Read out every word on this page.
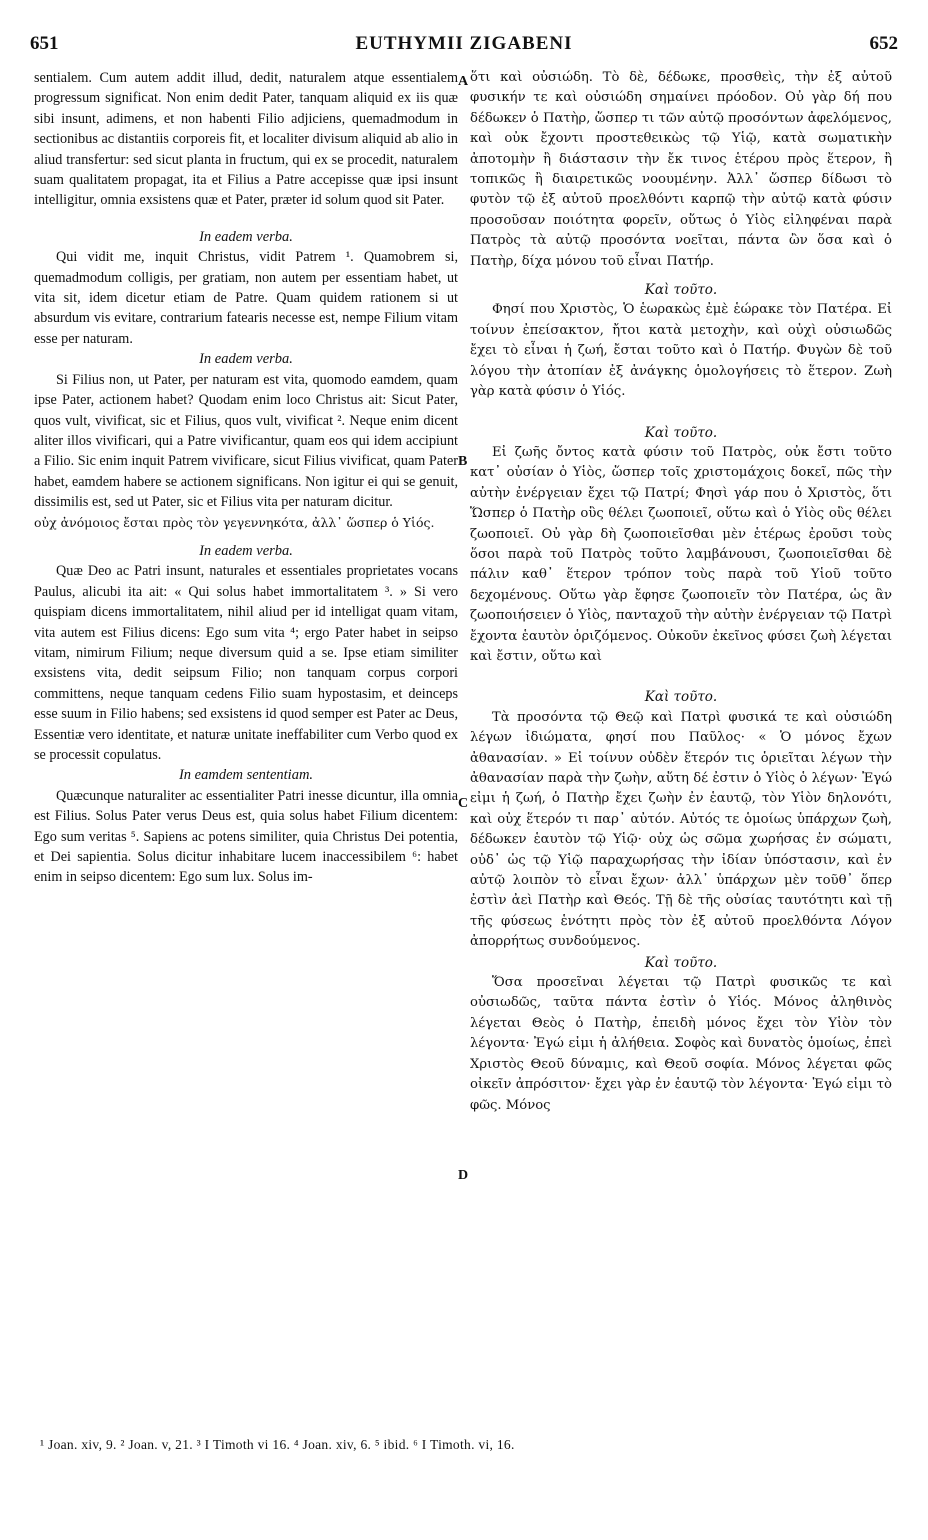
651	EUTHYMII ZIGABENI	652

sentialem. Cum autem addit illud, dedit, naturalem atque essentialem progressum significat. Non enim dedit Pater, tanquam aliquid ex iis quæ sibi insunt, adimens, et non habenti Filio adjiciens, quemadmodum in sectionibus ac distantiis corporeis fit, et localiter divisum aliquid ab alio in aliud transfertur: sed sicut planta in fructum, qui ex se procedit, naturalem suam qualitatem propagat, ita et Filius a Patre accepisse quæ ipsi insunt intelligitur, omnia exsistens quæ et Pater, præter id solum quod sit Pater.

In eadem verba.

Qui vidit me, inquit Christus, vidit Patrem ¹. Quamobrem si, quemadmodum colligis, per gratiam, non autem per essentiam habet, ut vita sit, idem dicetur etiam de Patre. Quam quidem rationem si ut absurdum vis evitare, contrarium fatearis necesse est, nempe Filium vitam esse per naturam.

In eadem verba.

Si Filius non, ut Pater, per naturam est vita, quomodo eamdem, quam ipse Pater, actionem habet? Quodam enim loco Christus ait: Sicut Pater, quos vult, vivificat, sic et Filius, quos vult, vivificat ². Neque enim dicent aliter illos vivificari, qui a Patre vivificantur, quam eos qui idem accipiunt a Filio. Sic enim inquit Patrem vivificare, sicut Filius vivificat, quam Pater habet, eamdem habere se actionem significans. Non igitur ei qui se genuit, dissimilis est, sed ut Pater, sic et Filius vita per naturam dicitur.

οὐχ ἀνόμοιος ἔσται πρὸς τὸν γεγεννηκότα, ἀλλ᾽ ὥσπερ ὁ Υἱός.

In eadem verba.

Quæ Deo ac Patri insunt, naturales et essentiales proprietates vocans Paulus, alicubi ita ait: « Qui solus habet immortalitatem ³. » Si vero quispiam dicens immortalitatem, nihil aliud per id intelligat quam vitam, vita autem est Filius dicens: Ego sum vita ⁴; ergo Pater habet in seipso vitam, nimirum Filium; neque diversum quid a se. Ipse etiam similiter exsistens vita, dedit seipsum Filio; non tanquam corpus corpori committens, neque tanquam cedens Filio suam hypostasim, et deinceps esse suum in Filio habens; sed exsistens id quod semper est Pater ac Deus, Essentiæ vero identitate, et naturæ unitate ineffabiliter cum Verbo quod ex se processit copulatus.

In eamdem sententiam.

Quæcunque naturaliter ac essentialiter Patri inesse dicuntur, illa omnia est Filius. Solus Pater verus Deus est, quia solus habet Filium dicentem: Ego sum veritas ⁵. Sapiens ac potens similiter, quia Christus Dei potentia, et Dei sapientia. Solus dicitur inhabitare lucem inaccessibilem ⁶: habet enim in seipso dicentem: Ego sum lux. Solus im-

A
B
C
D

ὅτι καὶ οὐσιώδη. Τὸ δὲ, δέδωκε, προσθεὶς, τὴν ἐξ αὐτοῦ φυσικήν τε καὶ οὐσιώδη σημαίνει πρόοδον. Οὐ γὰρ δή που δέδωκεν ὁ Πατὴρ, ὥσπερ τι τῶν αὐτῷ προσόντων ἀφελόμενος, καὶ οὐκ ἔχοντι προστεθεικὼς τῷ Υἱῷ, κατὰ σωματικὴν ἀποτομὴν ἢ διάστασιν τὴν ἔκ τινος ἑτέρου πρὸς ἕτερον, ἢ τοπικῶς ἢ διαιρετικῶς νοουμένην. Ἀλλ᾽ ὥσπερ δίδωσι τὸ φυτὸν τῷ ἐξ αὐτοῦ προελθόντι καρπῷ τὴν αὐτῷ κατὰ φύσιν προσοῦσαν ποιότητα φορεῖν, οὕτως ὁ Υἱὸς εἰληφέναι παρὰ Πατρὸς τὰ αὐτῷ προσόντα νοεῖται, πάντα ὢν ὅσα καὶ ὁ Πατὴρ, δίχα μόνου τοῦ εἶναι Πατήρ.

Καὶ τοῦτο.

Φησί που Χριστὸς, Ὁ ἑωρακὼς ἐμὲ ἑώρακε τὸν Πατέρα. Εἰ τοίνυν ἐπείσακτον, ἤτοι κατὰ μετοχὴν, καὶ οὐχὶ οὐσιωδῶς ἔχει τὸ εἶναι ἡ ζωή, ἔσται τοῦτο καὶ ὁ Πατήρ. Φυγὼν δὲ τοῦ λόγου τὴν ἀτοπίαν ἐξ ἀνάγκης ὁμολογήσεις τὸ ἕτερον. Ζωὴ γὰρ κατὰ φύσιν ὁ Υἱός.

Καὶ τοῦτο.

Εἰ ζωῆς ὄντος κατὰ φύσιν τοῦ Πατρὸς, οὐκ ἔστι τοῦτο κατ᾽ οὐσίαν ὁ Υἱὸς, ὥσπερ τοῖς χριστομάχοις δοκεῖ, πῶς τὴν αὐτὴν ἐνέργειαν ἔχει τῷ Πατρί; Φησὶ γάρ που ὁ Χριστὸς, ὅτι Ὥσπερ ὁ Πατὴρ οὓς θέλει ζωοποιεῖ, οὕτω καὶ ὁ Υἱὸς οὓς θέλει ζωοποιεῖ. Οὐ γὰρ δὴ ζωοποιεῖσθαι μὲν ἑτέρως ἐροῦσι τοὺς ὅσοι παρὰ τοῦ Πατρὸς τοῦτο λαμβάνουσι, ζωοποιεῖσθαι δὲ πάλιν καθ᾽ ἕτερον τρόπον τοὺς παρὰ τοῦ Υἱοῦ τοῦτο δεχομένους. Οὕτω γὰρ ἔφησε ζωοποιεῖν τὸν Πατέρα, ὡς ἂν ζωοποιήσειεν ὁ Υἱὸς, πανταχοῦ τὴν αὐτὴν ἐνέργειαν τῷ Πατρὶ ἔχοντα ἑαυτὸν ὁριζόμενος. Οὐκοῦν ἐκεῖνος φύσει ζωὴ λέγεται καὶ ἔστιν, οὕτω καὶ

Καὶ τοῦτο.

Τὰ προσόντα τῷ Θεῷ καὶ Πατρὶ φυσικά τε καὶ οὐσιώδη λέγων ἰδιώματα, φησί που Παῦλος· « Ὁ μόνος ἔχων ἀθανασίαν. » Εἰ τοίνυν οὐδὲν ἕτερόν τις ὁριεῖται λέγων τὴν ἀθανασίαν παρὰ τὴν ζωὴν, αὕτη δέ ἐστιν ὁ Υἱὸς ὁ λέγων· Ἐγώ εἰμι ἡ ζωή, ὁ Πατὴρ ἔχει ζωὴν ἐν ἑαυτῷ, τὸν Υἱὸν δηλονότι, καὶ οὐχ ἕτερόν τι παρ᾽ αὐτόν. Αὐτός τε ὁμοίως ὑπάρχων ζωὴ, δέδωκεν ἑαυτὸν τῷ Υἱῷ· οὐχ ὡς σῶμα χωρήσας ἐν σώματι, οὐδ᾽ ὡς τῷ Υἱῷ παραχωρήσας τὴν ἰδίαν ὑπόστασιν, καὶ ἐν αὐτῷ λοιπὸν τὸ εἶναι ἔχων· ἀλλ᾽ ὑπάρχων μὲν τοῦθ᾽ ὅπερ ἐστὶν ἀεὶ Πατὴρ καὶ Θεός. Τῇ δὲ τῆς οὐσίας ταυτότητι καὶ τῇ τῆς φύσεως ἑνότητι πρὸς τὸν ἐξ αὐτοῦ προελθόντα Λόγον ἀπορρήτως συνδούμενος.

Καὶ τοῦτο.

Ὅσα προσεῖναι λέγεται τῷ Πατρὶ φυσικῶς τε καὶ οὐσιωδῶς, ταῦτα πάντα ἐστὶν ὁ Υἱός. Μόνος ἀληθινὸς λέγεται Θεὸς ὁ Πατὴρ, ἐπειδὴ μόνος ἔχει τὸν Υἱὸν τὸν λέγοντα· Ἐγώ εἰμι ἡ ἀλήθεια. Σοφὸς καὶ δυνατὸς ὁμοίως, ἐπεὶ Χριστὸς Θεοῦ δύναμις, καὶ Θεοῦ σοφία. Μόνος λέγεται φῶς οἰκεῖν ἀπρόσιτον· ἔχει γὰρ ἐν ἑαυτῷ τὸν λέγοντα· Ἐγώ εἰμι τὸ φῶς. Μόνος

¹ Joan. xiv, 9. ² Joan. v, 21. ³ I Timoth vi 16. ⁴ Joan. xiv, 6. ⁵ ibid. ⁶ I Timoth. vi, 16.
